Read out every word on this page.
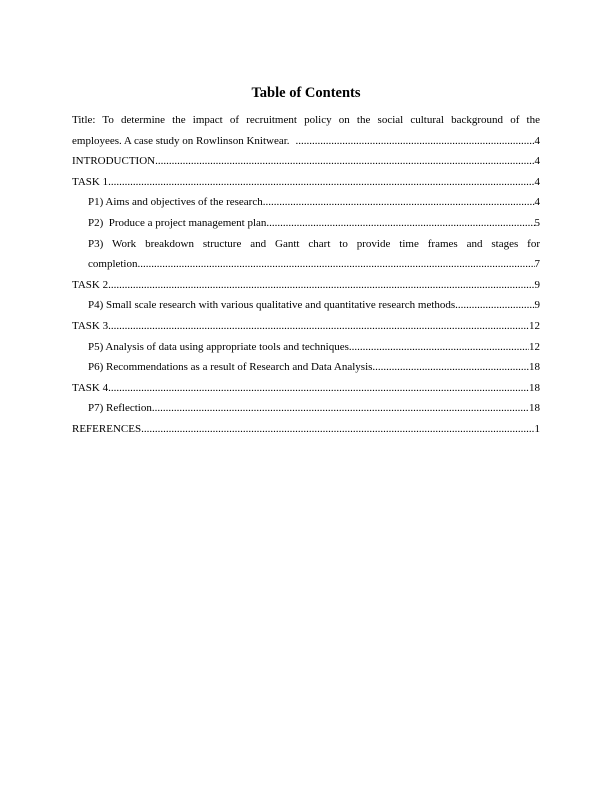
Table of Contents
Title: To determine the impact of recruitment policy on the social cultural background of the
employees. A case study on Rowlinson Knitwear. .....	4
INTRODUCTION .....	4
TASK 1 .....	4
P1) Aims and objectives of the research .....	4
P2)  Produce a project management plan .....	5
P3) Work breakdown structure and Gantt chart to provide time frames and stages for
completion .....	7
TASK 2 .....	9
P4) Small scale research with various qualitative and quantitative research methods .....	9
TASK 3 .....	12
P5) Analysis of data using appropriate tools and techniques .....	12
P6) Recommendations as a result of Research and Data Analysis .....	18
TASK 4 .....	18
P7) Reflection .....	18
REFERENCES .....	1
